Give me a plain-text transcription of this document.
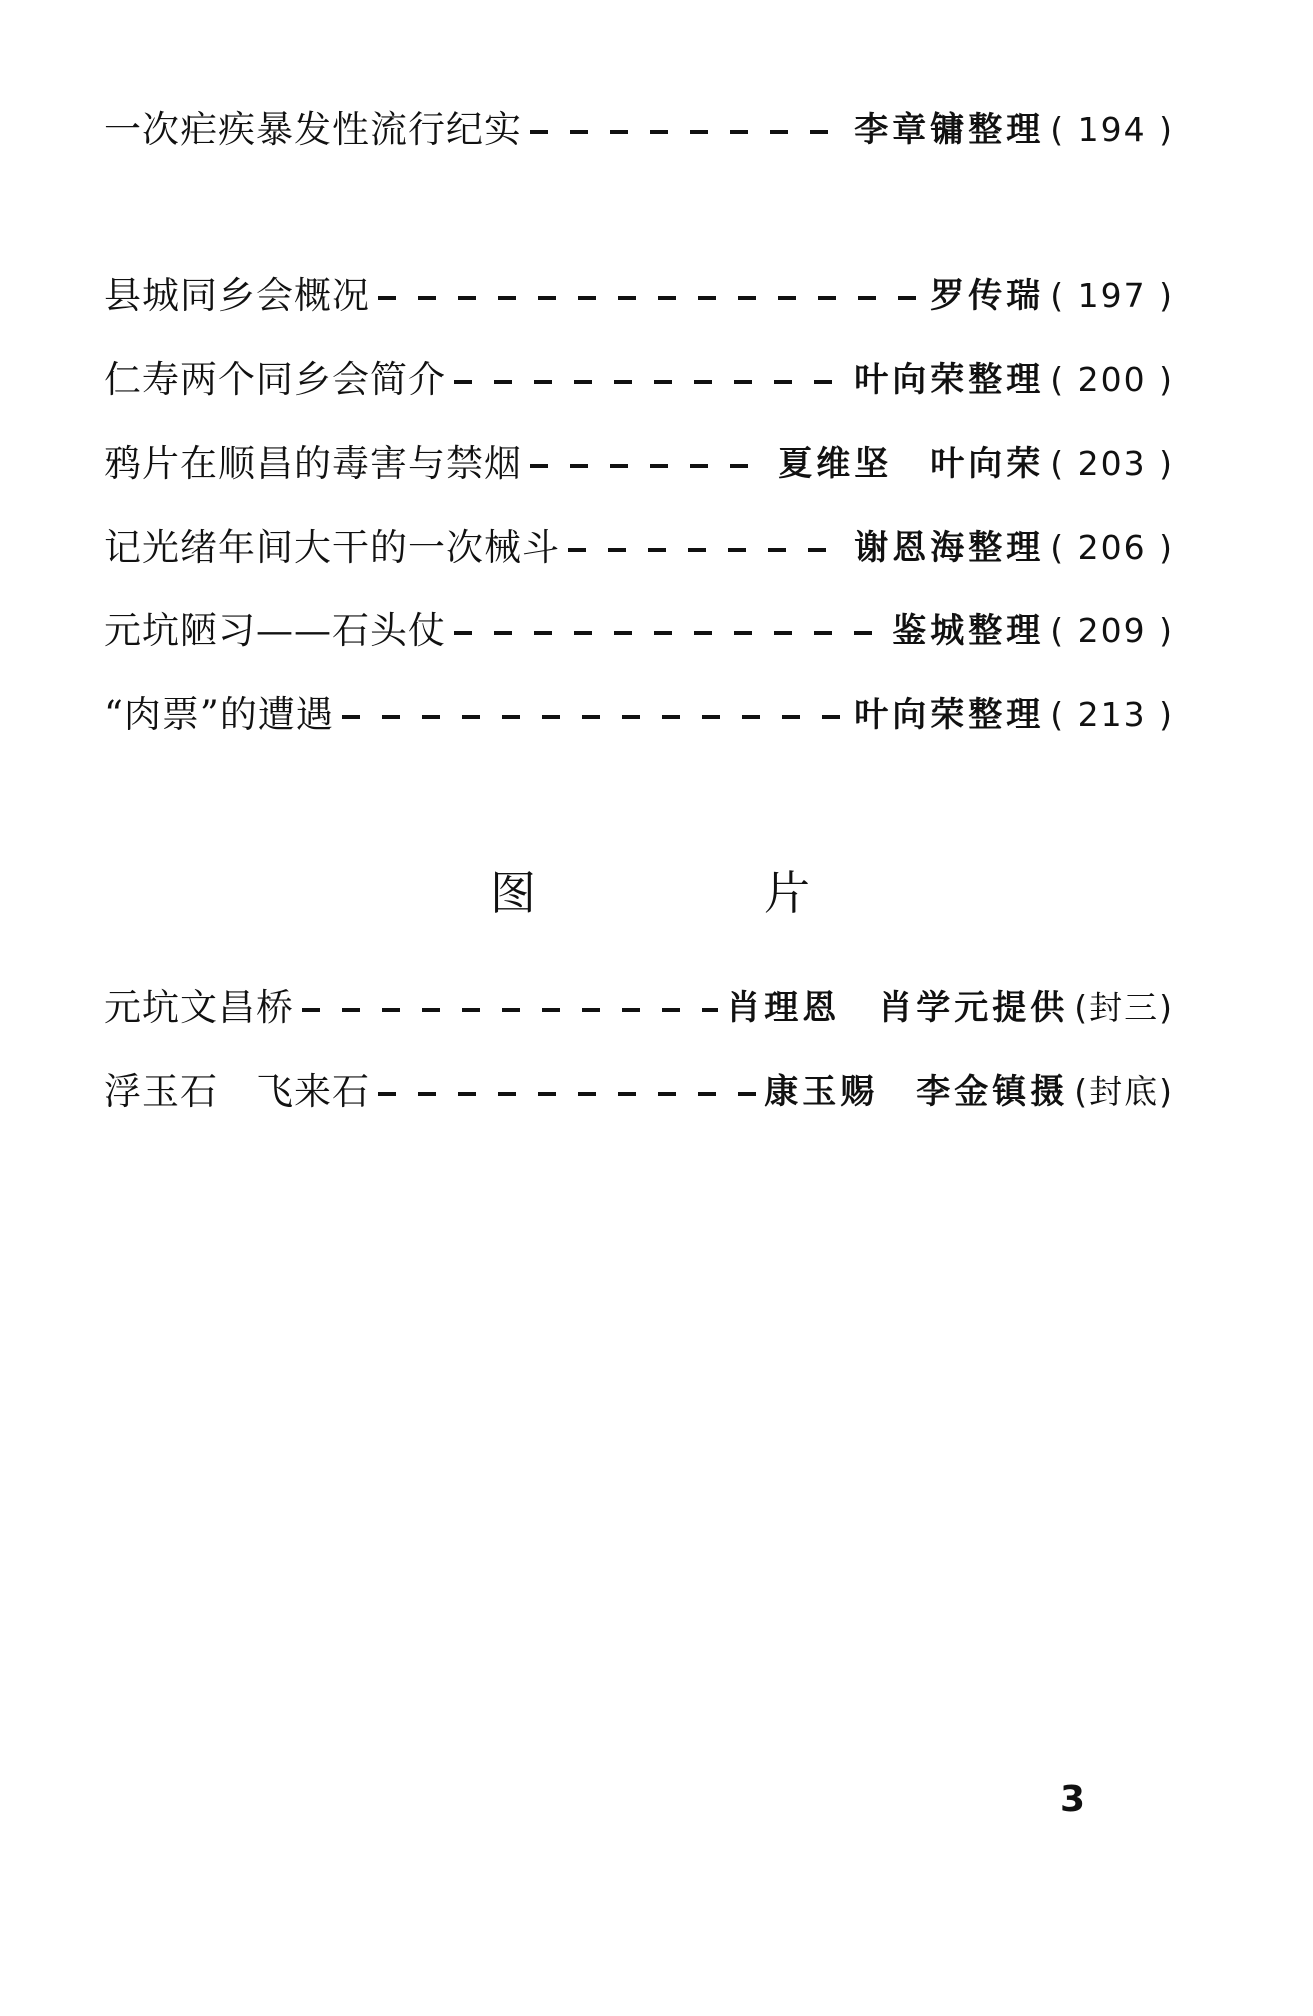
一次疟疾暴发性流行纪实	李章镛整理 ( 194 )
县城同乡会概况	罗传瑞 ( 197 )
仁寿两个同乡会简介	叶向荣整理 ( 200 )
鸦片在顺昌的毒害与禁烟	夏维坚　叶向荣 ( 203 )
记光绪年间大干的一次械斗	谢恩海整理 ( 206 )
元坑陋习——石头仗	鉴城整理 ( 209 )
“肉票”的遭遇	叶向荣整理 ( 213 )
图	片
元坑文昌桥	肖理恩　肖学元提供 (封三)
浮玉石　飞来石	康玉赐　李金镇摄 (封底)
3
